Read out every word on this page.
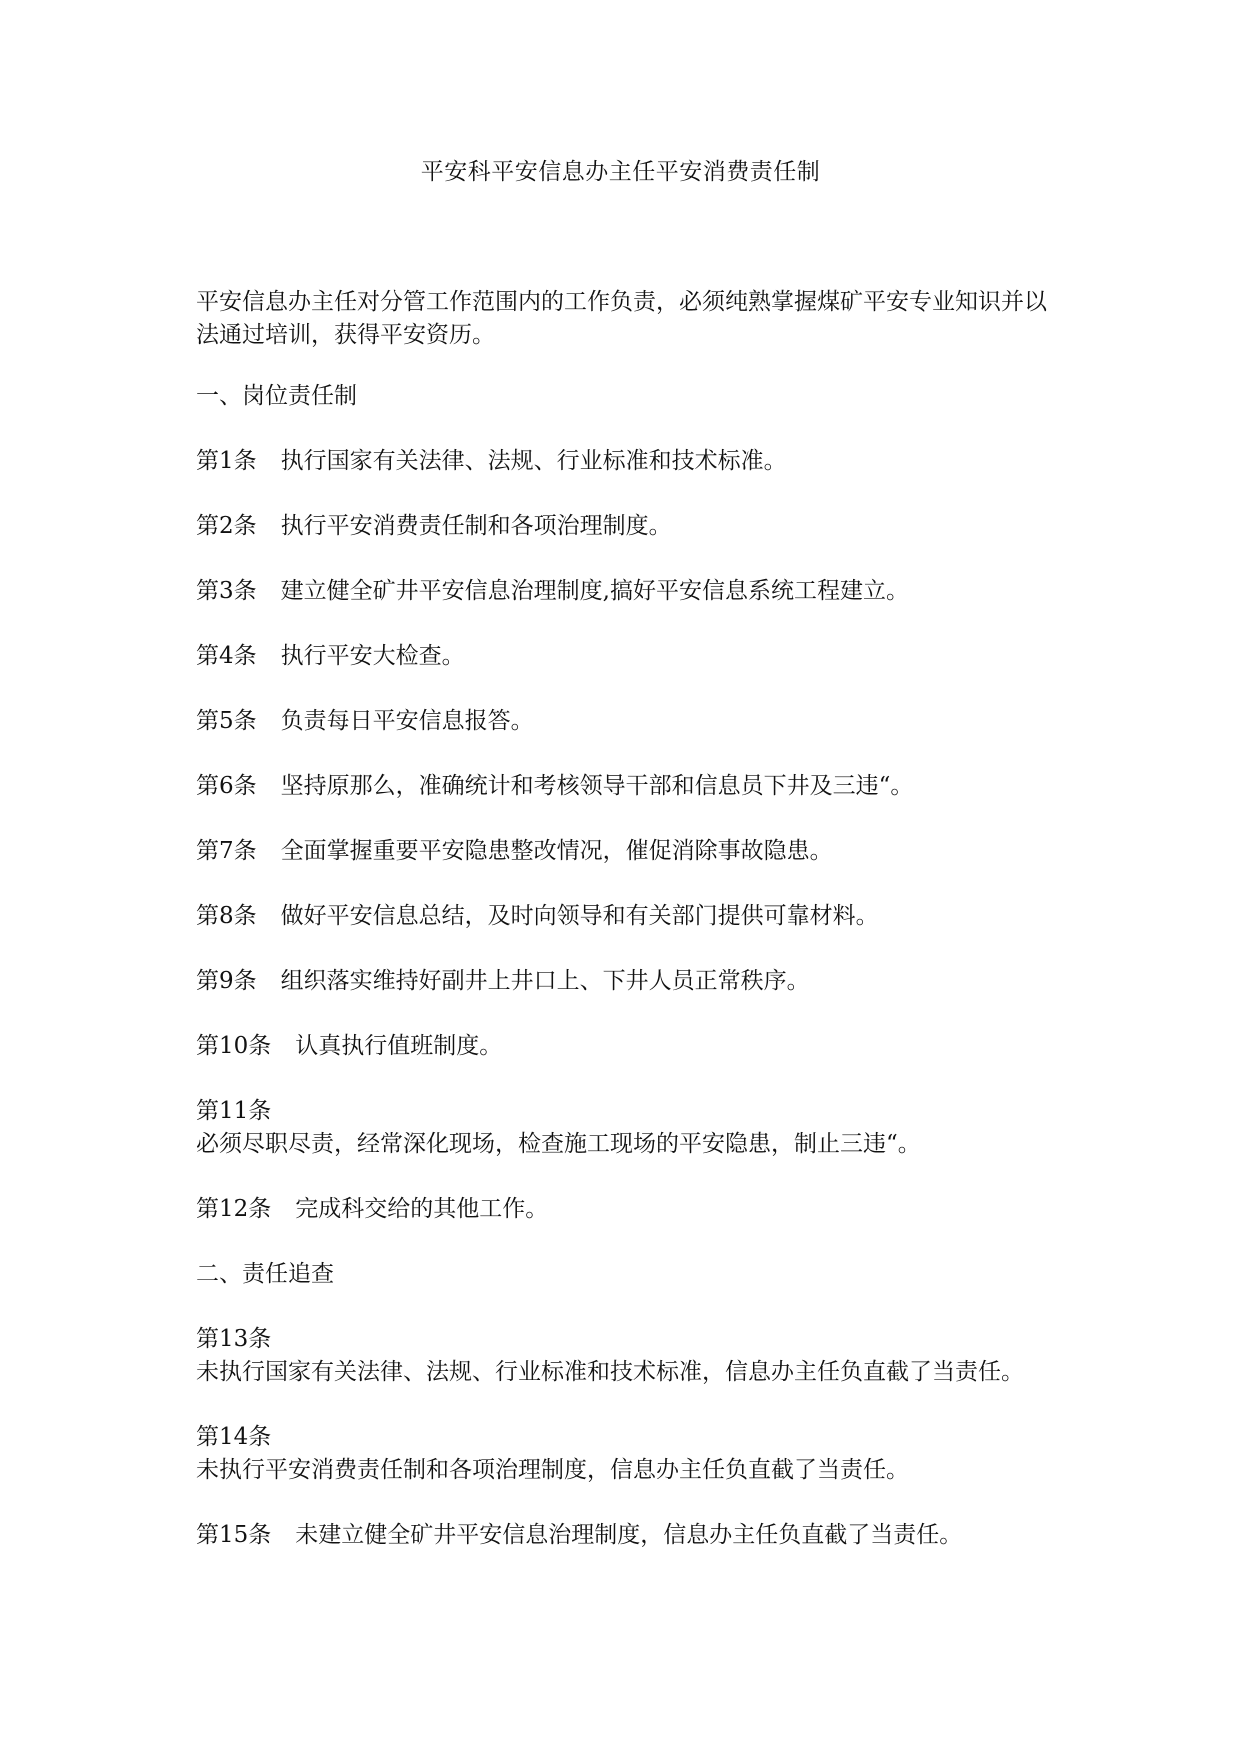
平安科平安信息办主任平安消费责任制

平安信息办主任对分管工作范围内的工作负责，必须纯熟掌握煤矿平安专业知识并以法通过培训，获得平安资历。

一、岗位责任制

第1条 执行国家有关法律、法规、行业标准和技术标准。

第2条 执行平安消费责任制和各项治理制度。

第3条 建立健全矿井平安信息治理制度,搞好平安信息系统工程建立。

第4条 执行平安大检查。

第5条 负责每日平安信息报答。

第6条 坚持原那么，准确统计和考核领导干部和信息员下井及三违“。

第7条 全面掌握重要平安隐患整改情况，催促消除事故隐患。

第8条 做好平安信息总结，及时向领导和有关部门提供可靠材料。

第9条 组织落实维持好副井上井口上、下井人员正常秩序。

第10条 认真执行值班制度。

第11条
必须尽职尽责，经常深化现场，检查施工现场的平安隐患，制止三违“。

第12条 完成科交给的其他工作。

二、责任追查

第13条
未执行国家有关法律、法规、行业标准和技术标准，信息办主任负直截了当责任。

第14条
未执行平安消费责任制和各项治理制度，信息办主任负直截了当责任。

第15条 未建立健全矿井平安信息治理制度，信息办主任负直截了当责任。
